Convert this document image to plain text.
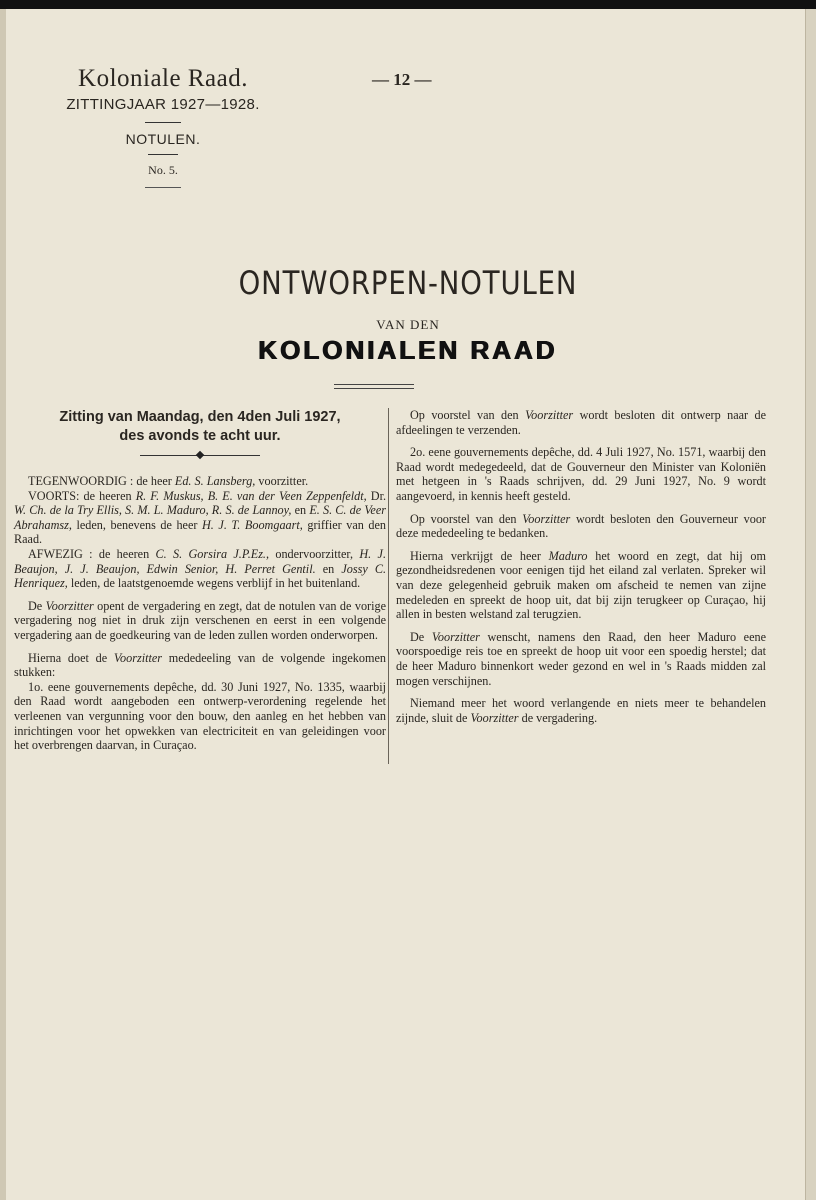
Koloniale Raad.

ZITTINGJAAR 1927—1928.

NOTULEN.

No. 5.

— 12 —
ONTWORPEN-NOTULEN
VAN DEN
KOLONIALEN RAAD

Zitting van Maandag, den 4den Juli 1927,

des avonds te acht uur.

TEGENWOORDIG : de heer Ed. S. Lansberg, voorzitter.

VOORTS: de heeren R. F. Muskus, B. E. van der Veen Zeppenfeldt, Dr. W. Ch. de la Try Ellis, S. M. L. Maduro, R. S. de Lannoy, en E. S. C. de Veer Abrahamsz, leden, benevens de heer H. J. T. Boomgaart, griffier van den Raad.

AFWEZIG : de heeren C. S. Gorsira J.P.Ez., ondervoorzitter, H. J. Beaujon, J. J. Beaujon, Edwin Senior, H. Perret Gentil. en Jossy C. Henriquez, leden, de laatstgenoemde wegens verblijf in het buitenland.

De Voorzitter opent de vergadering en zegt, dat de notulen van de vorige vergadering nog niet in druk zijn verschenen en eerst in een volgende vergadering aan de goedkeuring van de leden zullen worden onderworpen.

Hierna doet de Voorzitter mededeeling van de volgende ingekomen stukken:

1o. eene gouvernements depêche, dd. 30 Juni 1927, No. 1335, waarbij den Raad wordt aangeboden een ontwerp-verordening regelende het verleenen van vergunning voor den bouw, den aanleg en het hebben van inrichtingen voor het opwekken van electriciteit en van geleidingen voor het overbrengen daarvan, in Curaçao.

Op voorstel van den Voorzitter wordt besloten dit ontwerp naar de afdeelingen te verzenden.

2o. eene gouvernements depêche, dd. 4 Juli 1927, No. 1571, waarbij den Raad wordt medegedeeld, dat de Gouverneur den Minister van Koloniën met hetgeen in 's Raads schrijven, dd. 29 Juni 1927, No. 9 wordt aangevoerd, in kennis heeft gesteld.

Op voorstel van den Voorzitter wordt besloten den Gouverneur voor deze mededeeling te bedanken.

Hierna verkrijgt de heer Maduro het woord en zegt, dat hij om gezondheidsredenen voor eenigen tijd het eiland zal verlaten. Spreker wil van deze gelegenheid gebruik maken om afscheid te nemen van zijne medeleden en spreekt de hoop uit, dat bij zijn terugkeer op Curaçao, hij allen in besten welstand zal terugzien.

De Voorzitter wenscht, namens den Raad, den heer Maduro eene voorspoedige reis toe en spreekt de hoop uit voor een spoedig herstel; dat de heer Maduro binnenkort weder gezond en wel in 's Raads midden zal mogen verschijnen.

Niemand meer het woord verlangende en niets meer te behandelen zijnde, sluit de Voorzitter de vergadering.
